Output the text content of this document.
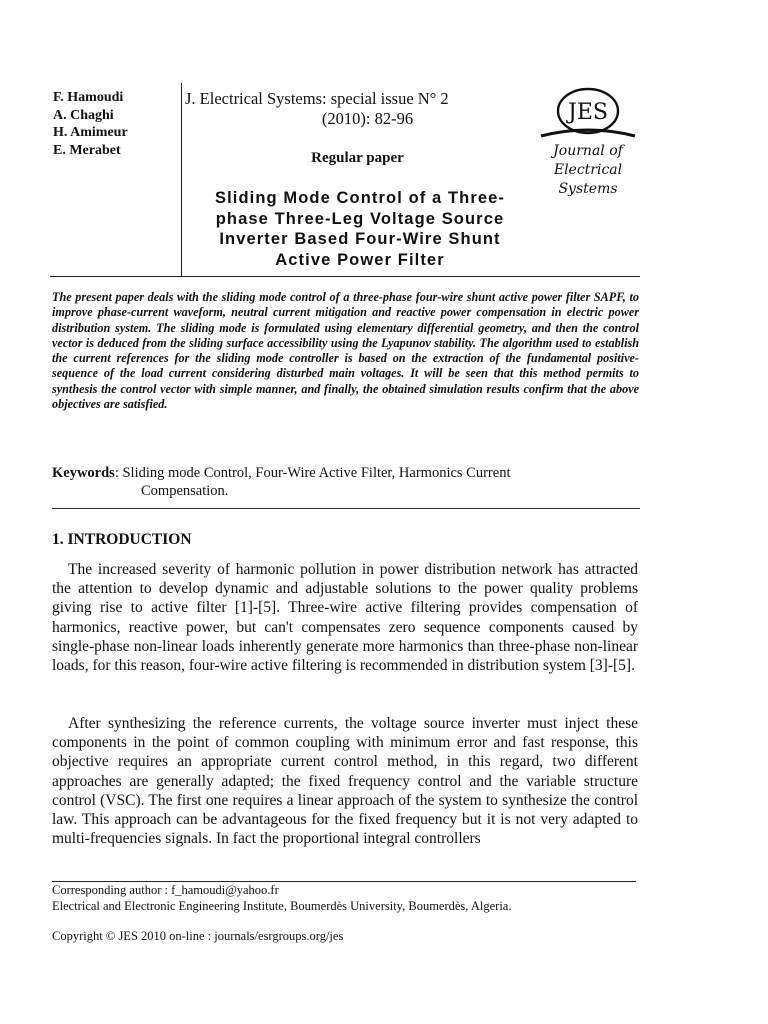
F. Hamoudi
A. Chaghi
H. Amimeur
E. Merabet
J. Electrical Systems: special issue N° 2
(2010): 82-96
Regular paper
Sliding Mode Control of a Three-
phase Three-Leg Voltage Source
Inverter Based Four-Wire Shunt
Active Power Filter
JES
Journal of
Electrical
Systems
The present paper deals with the sliding mode control of a three-phase four-wire shunt active power filter SAPF, to improve phase-current waveform, neutral current mitigation and reactive power compensation in electric power distribution system. The sliding mode is formulated using elementary differential geometry, and then the control vector is deduced from the sliding surface accessibility using the Lyapunov stability. The algorithm used to establish the current references for the sliding mode controller is based on the extraction of the fundamental positive-sequence of the load current considering disturbed main voltages. It will be seen that this method permits to synthesis the control vector with simple manner, and finally, the obtained simulation results confirm that the above objectives are satisfied.
Keywords: Sliding mode Control, Four-Wire Active Filter, Harmonics Current
Compensation.
1. INTRODUCTION
The increased severity of harmonic pollution in power distribution network has attracted the attention to develop dynamic and adjustable solutions to the power quality problems giving rise to active filter [1]-[5]. Three-wire active filtering provides compensation of harmonics, reactive power, but can't compensates zero sequence components caused by single-phase non-linear loads inherently generate more harmonics than three-phase non-linear loads, for this reason, four-wire active filtering is recommended in distribution system [3]-[5].
After synthesizing the reference currents, the voltage source inverter must inject these components in the point of common coupling with minimum error and fast response, this objective requires an appropriate current control method, in this regard, two different approaches are generally adapted; the fixed frequency control and the variable structure control (VSC). The first one requires a linear approach of the system to synthesize the control law. This approach can be advantageous for the fixed frequency but it is not very adapted to multi-frequencies signals. In fact the proportional integral controllers
Corresponding author : f_hamoudi@yahoo.fr
Electrical and Electronic Engineering Institute, Boumerdès University, Boumerdès, Algeria.
Copyright © JES 2010 on-line : journals/esrgroups.org/jes
